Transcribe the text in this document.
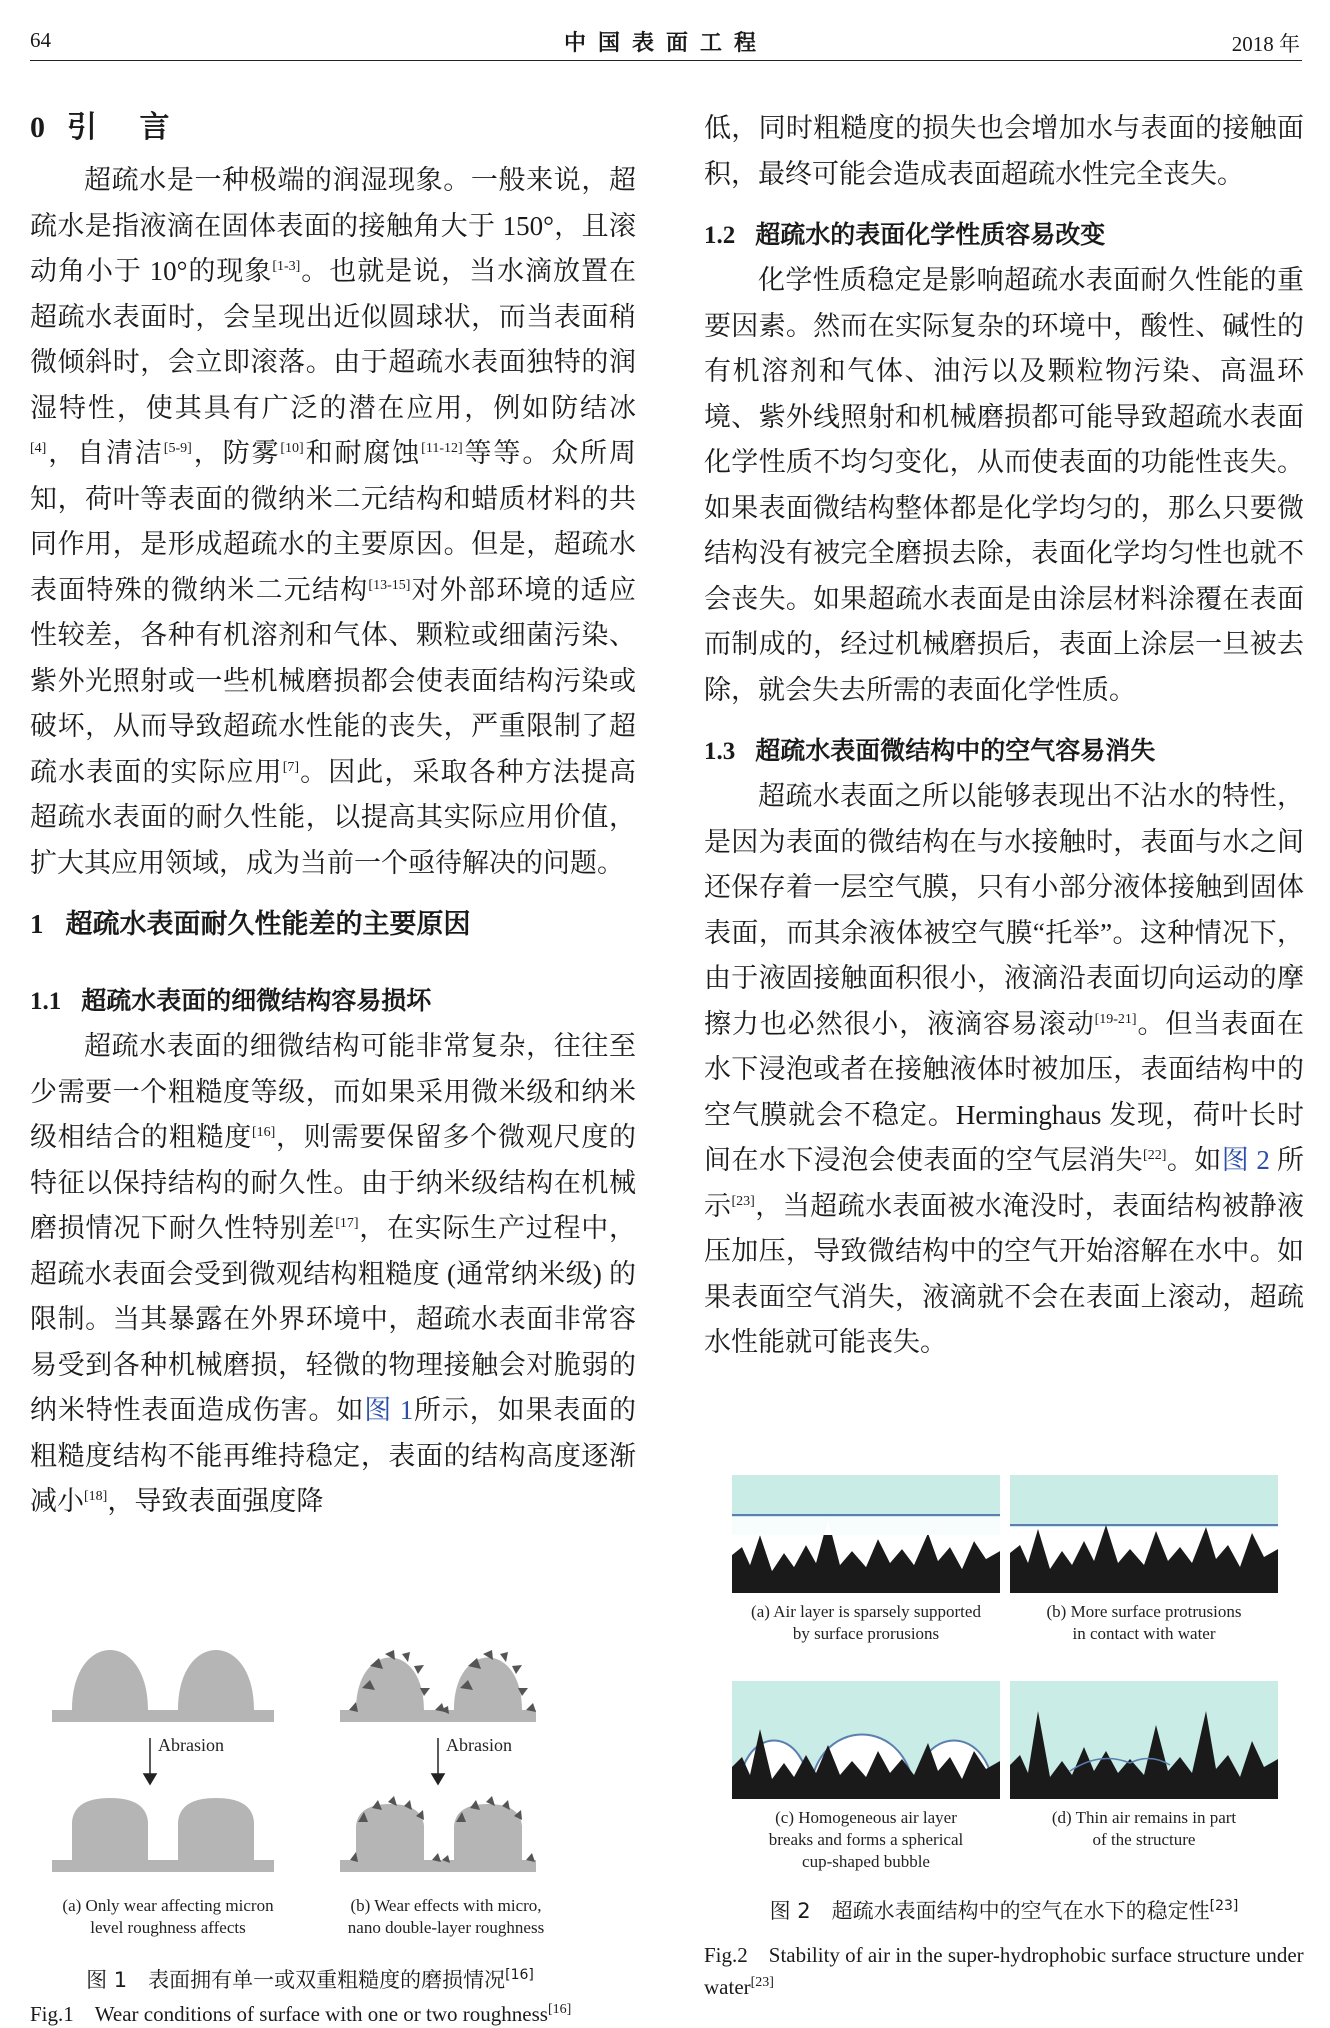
64	中国表面工程	2018 年
0 引 言

超疏水是一种极端的润湿现象。一般来说，超疏水是指液滴在固体表面的接触角大于 150°，且滚动角小于 10°的现象[1-3]。也就是说，当水滴放置在超疏水表面时，会呈现出近似圆球状，而当表面稍微倾斜时，会立即滚落。由于超疏水表面独特的润湿特性，使其具有广泛的潜在应用，例如防结冰[4]，自清洁[5-9]，防雾[10]和耐腐蚀[11-12]等等。众所周知，荷叶等表面的微纳米二元结构和蜡质材料的共同作用，是形成超疏水的主要原因。但是，超疏水表面特殊的微纳米二元结构[13-15]对外部环境的适应性较差，各种有机溶剂和气体、颗粒或细菌污染、紫外光照射或一些机械磨损都会使表面结构污染或破坏，从而导致超疏水性能的丧失，严重限制了超疏水表面的实际应用[7]。因此，采取各种方法提高超疏水表面的耐久性能，以提高其实际应用价值，扩大其应用领域，成为当前一个亟待解决的问题。

1 超疏水表面耐久性能差的主要原因
1.1 超疏水表面的细微结构容易损坏

超疏水表面的细微结构可能非常复杂，往往至少需要一个粗糙度等级，而如果采用微米级和纳米级相结合的粗糙度[16]，则需要保留多个微观尺度的特征以保持结构的耐久性。由于纳米级结构在机械磨损情况下耐久性特别差[17]，在实际生产过程中，超疏水表面会受到微观结构粗糙度 (通常纳米级) 的限制。当其暴露在外界环境中，超疏水表面非常容易受到各种机械磨损，轻微的物理接触会对脆弱的纳米特性表面造成伤害。如图 1所示，如果表面的粗糙度结构不能再维持稳定，表面的结构高度逐渐减小[18]，导致表面强度降

低，同时粗糙度的损失也会增加水与表面的接触面积，最终可能会造成表面超疏水性完全丧失。

1.2 超疏水的表面化学性质容易改变

化学性质稳定是影响超疏水表面耐久性能的重要因素。然而在实际复杂的环境中，酸性、碱性的有机溶剂和气体、油污以及颗粒物污染、高温环境、紫外线照射和机械磨损都可能导致超疏水表面化学性质不均匀变化，从而使表面的功能性丧失。如果表面微结构整体都是化学均匀的，那么只要微结构没有被完全磨损去除，表面化学均匀性也就不会丧失。如果超疏水表面是由涂层材料涂覆在表面而制成的，经过机械磨损后，表面上涂层一旦被去除，就会失去所需的表面化学性质。

1.3 超疏水表面微结构中的空气容易消失

超疏水表面之所以能够表现出不沾水的特性，是因为表面的微结构在与水接触时，表面与水之间还保存着一层空气膜，只有小部分液体接触到固体表面，而其余液体被空气膜“托举”。这种情况下，由于液固接触面积很小，液滴沿表面切向运动的摩擦力也必然很小，液滴容易滚动[19-21]。但当表面在水下浸泡或者在接触液体时被加压，表面结构中的空气膜就会不稳定。Herminghaus 发现，荷叶长时间在水下浸泡会使表面的空气层消失[22]。如图 2 所示[23]，当超疏水表面被水淹没时，表面结构被静液压加压，导致微结构中的空气开始溶解在水中。如果表面空气消失，液滴就不会在表面上滚动，超疏水性能就可能丧失。

Abrasion	Abrasion
(a) Only wear affecting micron
level roughness affects
(b) Wear effects with micro,
nano double-layer roughness
图 1　表面拥有单一或双重粗糙度的磨损情况[16]
Fig.1　Wear conditions of surface with one or two roughness[16]
(a) Air layer is sparsely supported
by surface prorusions
(b) More surface protrusions
in contact with water
(c) Homogeneous air layer
breaks and forms a spherical
cup-shaped bubble
(d) Thin air remains in part
of the structure
图 2　超疏水表面结构中的空气在水下的稳定性[23]
Fig.2　Stability of air in the super-hydrophobic surface structure under water[23]
